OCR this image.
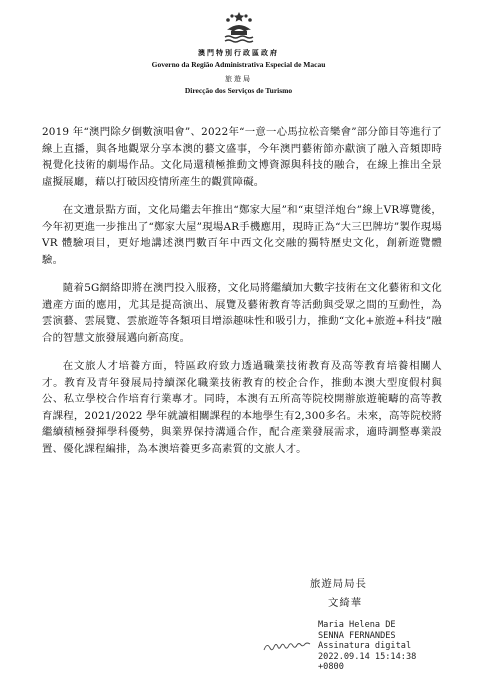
澳門特別行政區政府
Governo da Região Administrativa Especial de Macau
旅遊局
Direcção dos Serviços de Turismo

2019 年“澳門除夕倒數演唱會”、2022年“一意一心馬拉松音樂會”部分節目等進行了線上直播，與各地觀眾分享本澳的藝文盛事，今年澳門藝術節亦獻演了融入音頻即時視覺化技術的劇場作品。文化局還積極推動文博資源與科技的融合，在線上推出全景虛擬展廳，藉以打破因疫情所產生的觀賞障礙。

在文遺景點方面，文化局繼去年推出“鄭家大屋”和“東望洋炮台”線上VR導覽後，今年初更進一步推出了“鄭家大屋”現場AR手機應用，現時正為“大三巴牌坊”製作現場 VR 體驗項目，更好地講述澳門數百年中西文化交融的獨特歷史文化，創新遊覽體驗。

隨着5G網絡即將在澳門投入服務，文化局將繼續加大數字技術在文化藝術和文化遺產方面的應用，尤其是提高演出、展覽及藝術教育等活動與受眾之間的互動性，為雲演藝、雲展覽、雲旅遊等各類項目增添趣味性和吸引力，推動“文化+旅遊+科技”融合的智慧文旅發展邁向新高度。

在文旅人才培養方面，特區政府致力透過職業技術教育及高等教育培養相關人才。教育及青年發展局持續深化職業技術教育的校企合作，推動本澳大型度假村與公、私立學校合作培育行業專才。同時，本澳有五所高等院校開辦旅遊範疇的高等教育課程，2021/2022 學年就讀相關課程的本地學生有2,300多名。未來，高等院校將繼續積極發揮學科優勢，與業界保持溝通合作，配合產業發展需求，適時調整專業設置、優化課程編排，為本澳培養更多高素質的文旅人才。

旅遊局局長
文綺華
Maria Helena DE
SENNA FERNANDES
Assinatura digital
2022.09.14 15:14:38
+0800
